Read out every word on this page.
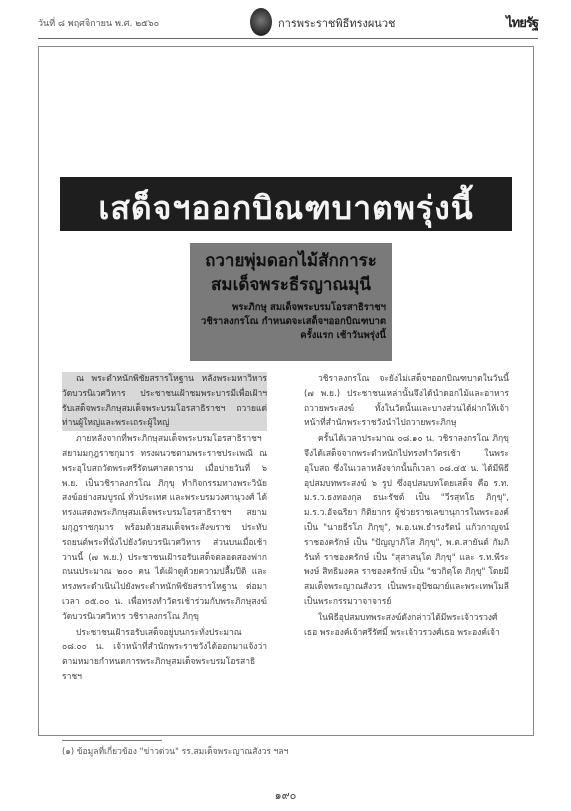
วันที่ ๘ พฤศจิกายน พ.ศ. ๒๕๖๐	การพระราชพิธีทรงผนวช	ไทยรัฐ
เสด็จฯออกบิณฑบาตพรุ่งนี้
ถวายพุ่มดอกไม้สักการะ
สมเด็จพระธีรญาณมุนี
พระภิกษุ สมเด็จพระบรมโอรสาธิราชฯ
วชิราลงกรโณ กำหนดจะเสด็จฯออกบิณฑบาต
ครั้งแรก เช้าวันพรุ่งนี้

ณ พระตำหนักพิชัยสรารโหฐาน หลังพระมหาวิหารวัดบวรนิเวศวิหาร ประชาชนเฝ้าชมพระบารมีเพื่อเฝ้าฯ รับเสด็จพระภิกษุสมเด็จพระบรมโอรสาธิราชฯ ถวายแด่ท่านผู้ใหญ่และพระเถระผู้ใหญ่

ภายหลังจากที่พระภิกษุสมเด็จพระบรมโอรสาธิราชฯ สยามมกุฎราชกุมาร ทรงผนวชตามพระราชประเพณี ณ พระอุโบสถวัดพระศรีรัตนศาสดาราม เมื่อบ่ายวันที่ ๖ พ.ย. เป็นวชิราลงกรโณ ภิกฺขุ ทำกิจกรรมทางพระวินัยสงฆ์อย่างสมบูรณ์ ทั่วประเทศ และพระบรมวงศานุวงศ์ ได้ทรงแสดงพระภิกษุสมเด็จพระบรมโอรสาธิราชฯ สยามมกุฎราชกุมาร พร้อมด้วยสมเด็จพระสังฆราช ประทับรถยนต์พระที่นั่งไปยังวัดบวรนิเวศวิหาร ส่วนบนเมื่อเช้าวานนี้ (๗ พ.ย.) ประชาชนเฝ้ารอรับเสด็จตลอดสองฟากถนนประมาณ ๒๐๐ คน ได้เฝ้าดูด้วยความปลื้มปีติ และทรงพระดำเนินไปยังพระตำหนักพิชัยสรารโหฐาน ต่อมาเวลา ๐๕.๐๐ น. เพื่อทรงทำวัตรเช้าร่วมกับพระภิกษุสงฆ์วัดบวรนิเวศวิหาร วชิราลงกรโณ ภิกฺขุ

ประชาชนเฝ้ารอรับเสด็จอยู่บนกระทั่งประมาณ ๐๘.๐๐ น. เจ้าหน้าที่สำนักพระราชวังได้ออกมาแจ้งว่า ตามหมายกำหนดการพระภิกษุสมเด็จพระบรมโอรสาธิราชฯ

วชิราลงกรโณ จะยังไม่เสด็จฯออกบิณฑบาตในวันนี้ (๗ พ.ย.) ประชาชนเหล่านั้นจึงได้นำดอกไม้และอาหารถวายพระสงฆ์ ทั้งในวัดนั้นและบางส่วนได้ฝากให้เจ้าหน้าที่สำนักพระราชวังนำไปถวายพระภิกษุ

ครั้นได้เวลาประมาณ ๐๘.๑๐ น. วชิราลงกรโณ ภิกฺขุ จึงได้เสด็จจากพระตำหนักไปทรงทำวัตรเช้า ในพระอุโบสถ ซึ่งในเวลาหลังจากนั้นก็เวลา ๐๘.๔๕ น. ได้มีพิธีอุปสมบทพระสงฆ์ ๖ รูป ซึ่งอุปสมบทโดยเสด็จ คือ ร.ท. ม.ร.ว.ธงทองกุล ธนะรัชต์ เป็น "วีรสุทโธ ภิกฺขุ", ม.ร.ว.อัจฉริยา กิติยากร ผู้ช่วยราชเลขานุการในพระองค์ เป็น "นายธีรโภ ภิกฺขุ", พ.อ.นพ.ธำรงรัตน์ แก้วกาญจน์ ราชองครักษ์ เป็น "ปัญญาภิโส ภิกฺขุ", พ.ต.สายันต์ กัมภิรันท์ ราชองครักษ์ เป็น "สุสาสนฺโต ภิกฺขุ" และ ร.ท.พีระพงษ์ สิทธิมงคล ราชองครักษ์ เป็น "ชวกิตฺโต ภิกฺขุ" โดยมีสมเด็จพระญาณสังวร เป็นพระอุปัชฌาย์และพระเทพโมลีเป็นพระกรรมวาจาจารย์

ในพิธีอุปสมบทพระสงฆ์ดังกล่าวได้มีพระเจ้าวรวงศ์เธอ พระองค์เจ้าศรีรัศมิ์ พระเจ้าวรวงศ์เธอ พระองค์เจ้า

(๑) ข้อมูลที่เกี่ยวข้อง "ข่าวด่วน" รร.สมเด็จพระญาณสังวร ฯลฯ
๑๙๐
